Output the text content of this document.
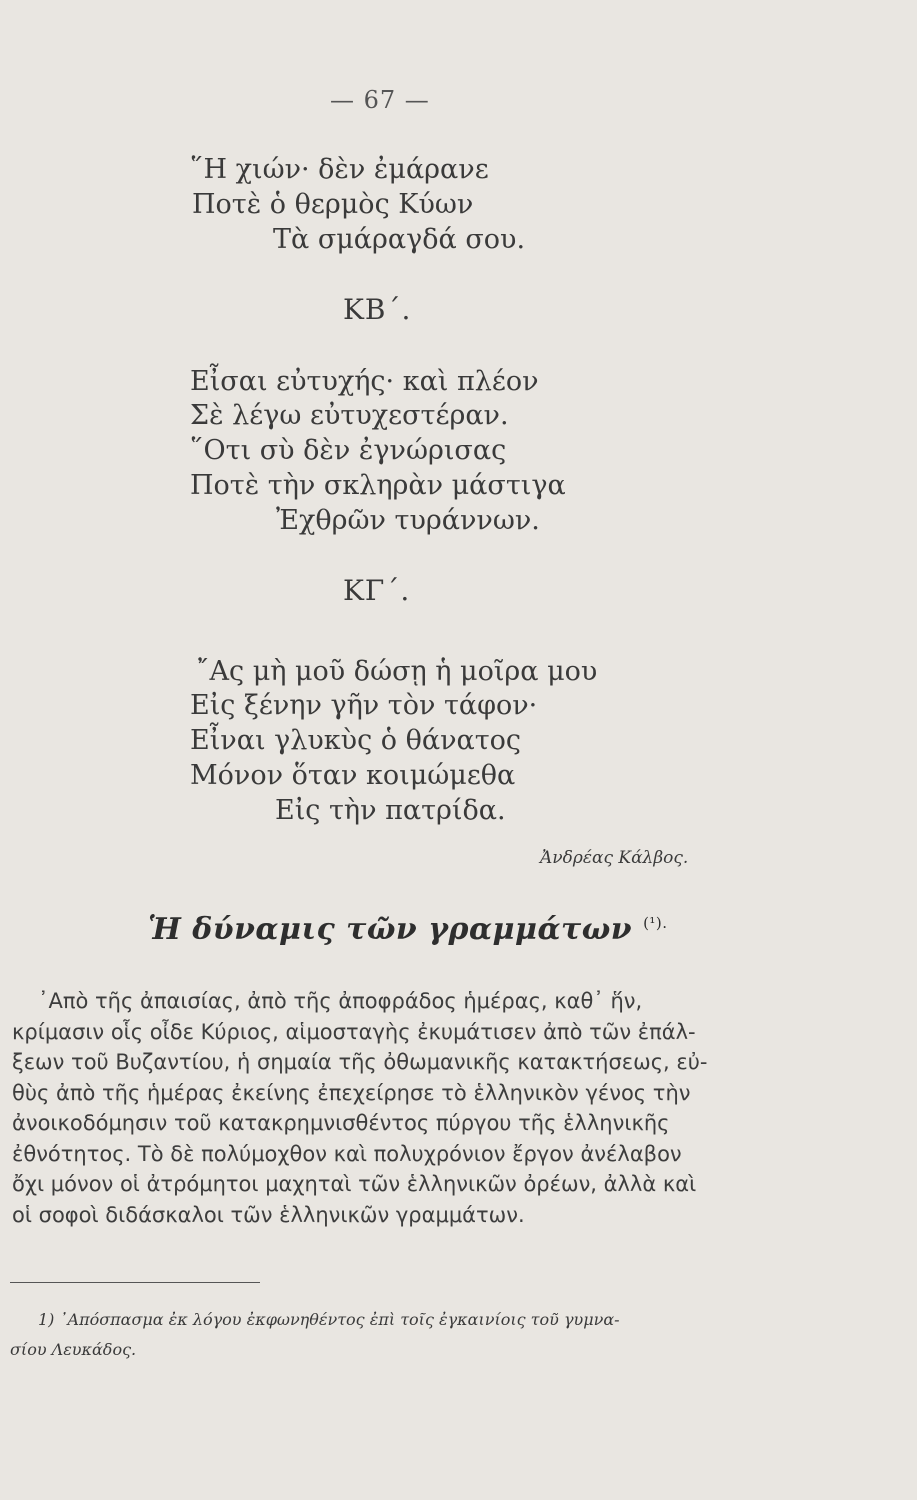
— 67 —
῞Η χιών· δὲν ἐμάρανε
Ποτὲ ὁ θερμὸς Κύων
Τὰ σμάραγδά σου.
ΚΒ΄.
Εἶσαι εὐτυχής· καὶ πλέον
Σὲ λέγω εὐτυχεστέραν.
῞Οτι σὺ δὲν ἐγνώρισας
Ποτὲ τὴν σκληρὰν μάστιγα
Ἐχθρῶν τυράννων.
ΚΓ΄.
῎Ας μὴ μοῦ δώσῃ ἡ μοῖρα μου
Εἰς ξένην γῆν τὸν τάφον·
Εἶναι γλυκὺς ὁ θάνατος
Μόνον ὅταν κοιμώμεθα
Εἰς τὴν πατρίδα.
Ἀνδρέας Κάλβος.
Ἡ δύναμις τῶν γραμμάτων $^{(^1).}$
᾿Απὸ τῆς ἀπαισίας, ἀπὸ τῆς ἀποφράδος ἡμέρας, καθ᾿ ἥν,
κρίμασιν οἷς οἶδε Κύριος, αἱμοσταγὴς ἐκυμάτισεν ἀπὸ τῶν ἐπάλ-
ξεων τοῦ Βυζαντίου, ἡ σημαία τῆς ὀθωμανικῆς κατακτήσεως, εὐ-
θὺς ἀπὸ τῆς ἡμέρας ἐκείνης ἐπεχείρησε τὸ ἑλληνικὸν γένος τὴν
ἀνοικοδόμησιν τοῦ κατακρημνισθέντος πύργου τῆς ἑλληνικῆς
ἐθνότητος. Τὸ δὲ πολύμοχθον καὶ πολυχρόνιον ἔργον ἀνέλαβον
ὄχι μόνον οἱ ἀτρόμητοι μαχηταὶ τῶν ἑλληνικῶν ὀρέων, ἀλλὰ καὶ
οἱ σοφοὶ διδάσκαλοι τῶν ἑλληνικῶν γραμμάτων.
1) ᾿Απόσπασμα ἐκ λόγου ἐκφωνηθέντος ἐπὶ τοῖς ἐγκαινίοις τοῦ γυμνα-
σίου Λευκάδος.
